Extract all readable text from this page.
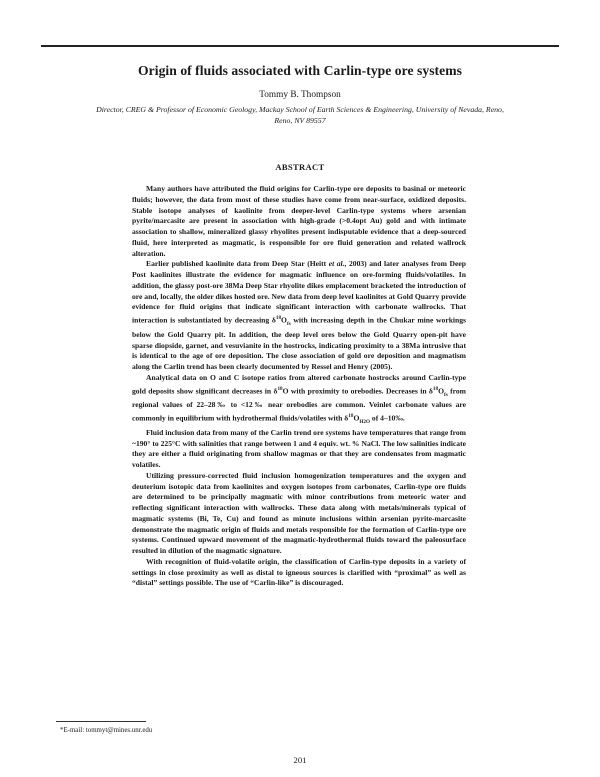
Origin of fluids associated with Carlin-type ore systems
Tommy B. Thompson
Director, CREG & Professor of Economic Geology, Mackay School of Earth Sciences & Engineering, University of Nevada, Reno,
Reno, NV 89557
ABSTRACT

Many authors have attributed the fluid origins for Carlin-type ore deposits to basinal or meteoric fluids; however, the data from most of these studies have come from near-surface, oxidized deposits. Stable isotope analyses of kaolinite from deeper-level Carlin-type systems where arsenian pyrite/marcasite are present in association with high-grade (>0.4opt Au) gold and with intimate association to shallow, mineralized glassy rhyolites present indisputable evidence that a deep-sourced fluid, here interpreted as magmatic, is responsible for ore fluid generation and related wallrock alteration.

Earlier published kaolinite data from Deep Star (Heitt et al., 2003) and later analyses from Deep Post kaolinites illustrate the evidence for magmatic influence on ore-forming fluids/volatiles. In addition, the glassy post-ore 38Ma Deep Star rhyolite dikes emplacement bracketed the introduction of ore and, locally, the older dikes hosted ore. New data from deep level kaolinites at Gold Quarry provide evidence for fluid origins that indicate significant interaction with carbonate wallrocks. That interaction is substantiated by decreasing $\delta^{18}O_{fs}$ with increasing depth in the Chukar mine workings below the Gold Quarry pit. In addition, the deep level ores below the Gold Quarry open-pit have sparse diopside, garnet, and vesuvianite in the hostrocks, indicating proximity to a 38Ma intrusive that is identical to the age of ore deposition. The close association of gold ore deposition and magmatism along the Carlin trend has been clearly documented by Ressel and Henry (2005).

Analytical data on O and C isotope ratios from altered carbonate hostrocks around Carlin-type gold deposits show significant decreases in $\delta^{18}O$ with proximity to orebodies. Decreases in $\delta^{18}O_{fs}$ from regional values of 22–28‰ to <12‰ near orebodies are common. Veinlet carbonate values are commonly in equilibrium with hydrothermal fluids/volatiles with $\delta^{18}O_{H2O}$ of 4–10‰.

Fluid inclusion data from many of the Carlin trend ore systems have temperatures that range from ~190° to 225°C with salinities that range between 1 and 4 equiv. wt. % NaCl. The low salinities indicate they are either a fluid originating from shallow magmas or that they are condensates from magmatic volatiles.

Utilizing pressure-corrected fluid inclusion homogenization temperatures and the oxygen and deuterium isotopic data from kaolinites and oxygen isotopes from carbonates, Carlin-type ore fluids are determined to be principally magmatic with minor contributions from meteoric water and reflecting significant interaction with wallrocks. These data along with metals/minerals typical of magmatic systems (Bi, Te, Cu) and found as minute inclusions within arsenian pyrite-marcasite demonstrate the magmatic origin of fluids and metals responsible for the formation of Carlin-type ore systems. Continued upward movement of the magmatic-hydrothermal fluids toward the paleosurface resulted in dilution of the magmatic signature.

With recognition of fluid-volatile origin, the classification of Carlin-type deposits in a variety of settings in close proximity as well as distal to igneous sources is clarified with “proximal” as well as “distal” settings possible. The use of “Carlin-like” is discouraged.

*E-mail: tommyt@mines.unr.edu
201
